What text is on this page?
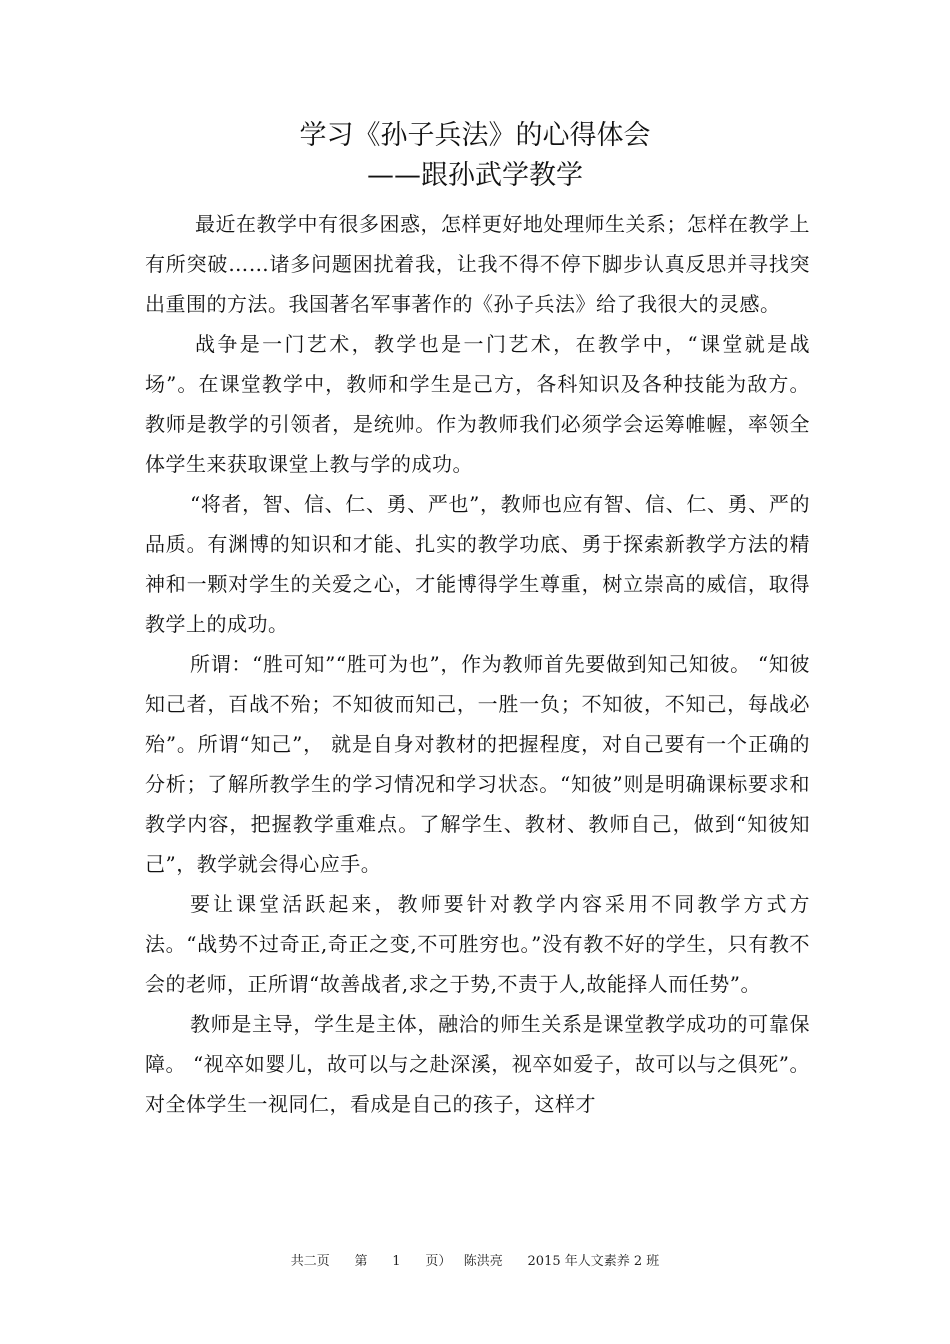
学习《孙子兵法》的心得体会
——跟孙武学教学

最近在教学中有很多困惑，怎样更好地处理师生关系；怎样在教学上有所突破……诸多问题困扰着我，让我不得不停下脚步认真反思并寻找突出重围的方法。我国著名军事著作的《孙子兵法》给了我很大的灵感。

战争是一门艺术，教学也是一门艺术，在教学中，“课堂就是战场”。在课堂教学中，教师和学生是己方，各科知识及各种技能为敌方。教师是教学的引领者，是统帅。作为教师我们必须学会运筹帷幄，率领全体学生来获取课堂上教与学的成功。

“将者，智、信、仁、勇、严也”，教师也应有智、信、仁、勇、严的品质。有渊博的知识和才能、扎实的教学功底、勇于探索新教学方法的精神和一颗对学生的关爱之心，才能博得学生尊重，树立崇高的威信，取得教学上的成功。

所谓：“胜可知”“胜可为也”，作为教师首先要做到知己知彼。 “知彼知己者，百战不殆；不知彼而知己，一胜一负；不知彼，不知己，每战必殆”。所谓“知己”， 就是自身对教材的把握程度，对自己要有一个正确的分析；了解所教学生的学习情况和学习状态。“知彼”则是明确课标要求和教学内容，把握教学重难点。了解学生、教材、教师自己，做到“知彼知己”，教学就会得心应手。

要让课堂活跃起来，教师要针对教学内容采用不同教学方式方法。“战势不过奇正,奇正之变,不可胜穷也。”没有教不好的学生，只有教不会的老师，正所谓“故善战者,求之于势,不责于人,故能择人而任势”。

教师是主导，学生是主体，融洽的师生关系是课堂教学成功的可靠保障。 “视卒如婴儿，故可以与之赴深溪，视卒如爱子，故可以与之俱死”。 对全体学生一视同仁，看成是自己的孩子，这样才

共二页      第      1      页）   陈洪亮      2015 年人文素养 2 班
